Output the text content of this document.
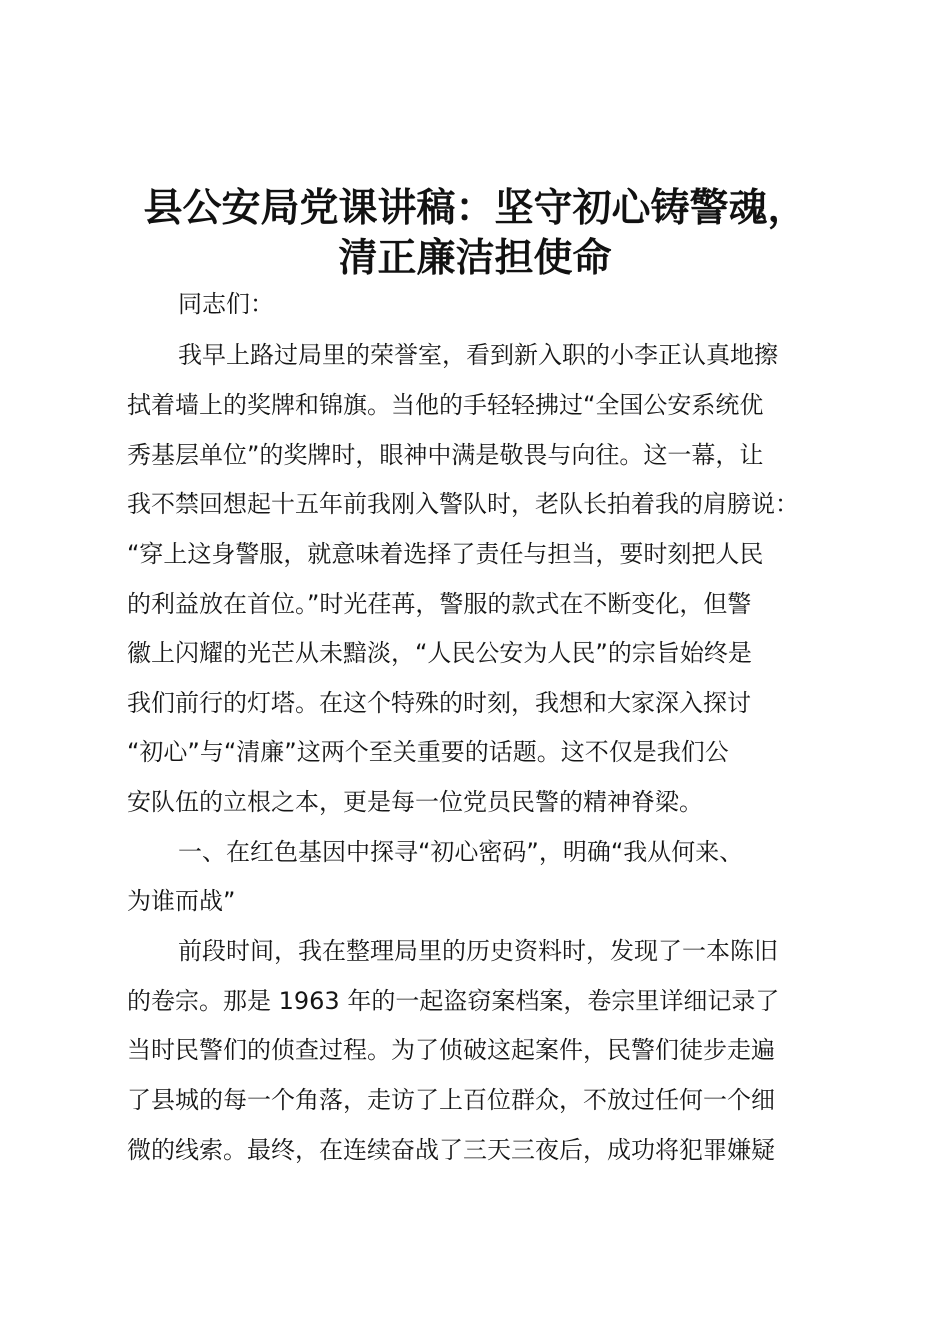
县公安局党课讲稿：坚守初心铸警魂，
清正廉洁担使命
同志们：
我早上路过局里的荣誉室，看到新入职的小李正认真地擦
拭着墙上的奖牌和锦旗。当他的手轻轻拂过“全国公安系统优
秀基层单位”的奖牌时，眼神中满是敬畏与向往。这一幕，让
我不禁回想起十五年前我刚入警队时，老队长拍着我的肩膀说：
“穿上这身警服，就意味着选择了责任与担当，要时刻把人民
的利益放在首位。”时光荏苒，警服的款式在不断变化，但警
徽上闪耀的光芒从未黯淡，“人民公安为人民”的宗旨始终是
我们前行的灯塔。在这个特殊的时刻，我想和大家深入探讨
“初心”与“清廉”这两个至关重要的话题。这不仅是我们公
安队伍的立根之本，更是每一位党员民警的精神脊梁。
一、在红色基因中探寻“初心密码”，明确“我从何来、
为谁而战”
前段时间，我在整理局里的历史资料时，发现了一本陈旧
的卷宗。那是 1963 年的一起盗窃案档案，卷宗里详细记录了
当时民警们的侦查过程。为了侦破这起案件，民警们徒步走遍
了县城的每一个角落，走访了上百位群众，不放过任何一个细
微的线索。最终，在连续奋战了三天三夜后，成功将犯罪嫌疑
